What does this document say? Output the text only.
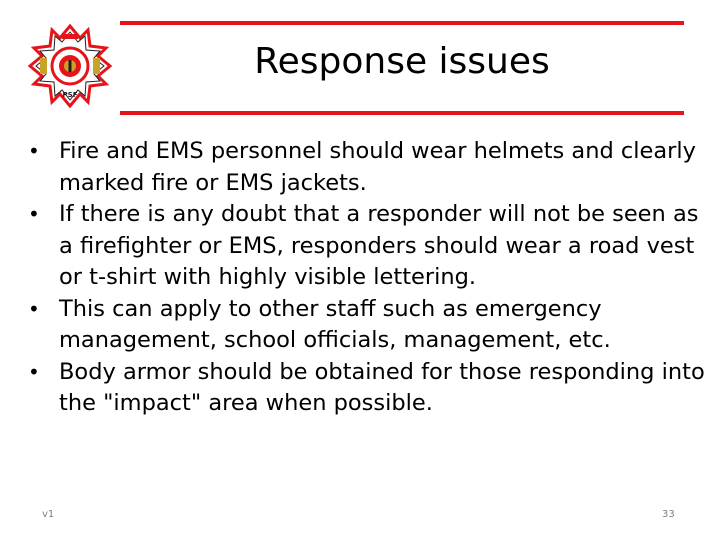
PSF
Response issues
• Fire and EMS personnel should wear helmets and clearly marked fire or EMS jackets.
• If there is any doubt that a responder will not be seen as a firefighter or EMS, responders should wear a road vest or t-shirt with highly visible lettering.
• This can apply to other staff such as emergency management, school officials, management, etc.
• Body armor should be obtained for those responding into the "impact" area when possible.
v1	33
